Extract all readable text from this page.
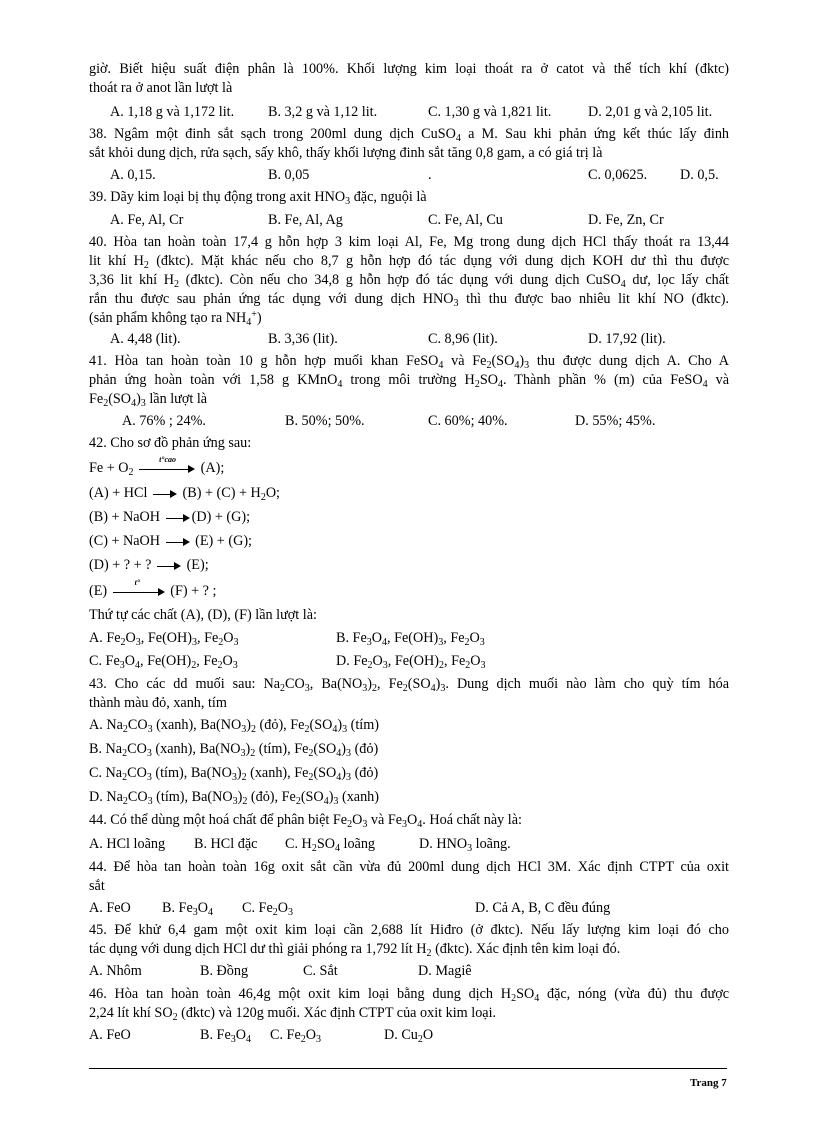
giờ. Biết hiệu suất điện phân là 100%. Khối lượng kim loại thoát ra ở catot và thể tích khí (đktc)
thoát ra ở anot lần lượt là
A. 1,18 g và 1,172 lit. B. 3,2 g và 1,12 lit.	C. 1,30 g và 1,821 lit.	D. 2,01 g và 2,105 lit.
38. Ngâm một đinh sắt sạch trong 200ml dung dịch CuSO$_4$ a M. Sau khi phản ứng kết thúc lấy đinh
sắt khỏi dung dịch, rửa sạch, sấy khô, thấy khối lượng đinh sắt tăng 0,8 gam, a có giá trị là
A. 0,15.	B. 0,05	.	C. 0,0625. D. 0,5.
39. Dãy kim loại bị thụ động trong axit $HNO_3$ đặc, nguội là
A. Fe, Al, Cr	B. Fe, Al, Ag	C. Fe, Al, Cu	D. Fe, Zn, Cr
40. Hòa tan hoàn toàn 17,4 g hỗn hợp 3 kim loại Al, Fe, Mg trong dung dịch HCl thấy thoát ra 13,44
lit khí $H_2$ (đktc). Mặt khác nếu cho 8,7 g hỗn hợp đó tác dụng với dung dịch KOH dư thì thu được
3,36 lit khí $H_2$ (đktc). Còn nếu cho 34,8 g hỗn hợp đó tác dụng với dung dịch CuSO$_4$ dư, lọc lấy chất
rắn thu được sau phản ứng tác dụng với dung dịch $HNO_3$ thì thu được bao nhiêu lit khí NO (đktc).
(sản phẩm không tạo ra $NH_4^+$)
A. 4,48 (lit).	B. 3,36 (lit).	C. 8,96 (lit).	D. 17,92 (lit).
41. Hòa tan hoàn toàn 10 g hỗn hợp muối khan FeSO$_4$ và $Fe_2(SO_4)_3$ thu được dung dịch A. Cho A
phản ứng hoàn toàn với 1,58 g KMnO$_4$ trong môi trường $H_2SO_4$. Thành phần % (m) của FeSO$_4$ và
$Fe_2(SO_4)_3$ lần lượt là
A. 76% ; 24%.	B. 50%; 50%.	C. 60%; 40%.	D. 55%; 45%.
42. Cho sơ đồ phản ứng sau:
$Fe + O_2$
t°cao
(A);
(A) + HCl $(B) + (C) + H_2O$;
(B) + NaOH (D) + (G);
(C) + NaOH (E) + (G);
(D) + ? + ? (E);
(E)
t°
(F) + ? ;
Thứ tự các chất (A), (D), (F) lần lượt là:
A. $Fe_2O_3$, $Fe(OH)_3$, $Fe_2O_3$	B. $Fe_3O_4$, $Fe(OH)_3$, $Fe_2O_3$
C. $Fe_3O_4$, $Fe(OH)_2$, $Fe_2O_3$	D. $Fe_2O_3$, $Fe(OH)_2$, $Fe_2O_3$
43. Cho các dd muối sau: $Na_2CO_3$, $Ba(NO_3)_2$, $Fe_2(SO_4)_3$. Dung dịch muối nào làm cho quỳ tím hóa
thành màu đỏ, xanh, tím
A. $Na_2CO_3$ (xanh), $Ba(NO_3)_2$ (đỏ), $Fe_2(SO_4)_3$ (tím)
B. $Na_2CO_3$ (xanh), $Ba(NO_3)_2$ (tím), $Fe_2(SO_4)_3$ (đỏ)
C. $Na_2CO_3$ (tím), $Ba(NO_3)_2$ (xanh), $Fe_2(SO_4)_3$ (đỏ)
D. $Na_2CO_3$ (tím), $Ba(NO_3)_2$ (đỏ), $Fe_2(SO_4)_3$ (xanh)
44. Có thể dùng một hoá chất để phân biệt $Fe_2O_3$ và $Fe_3O_4$. Hoá chất này là:
A. HCl loãng B. HCl đặc C. $H_2SO_4$ loãng	D. $HNO_3$ loãng.
44. Để hòa tan hoàn toàn 16g oxit sắt cần vừa đủ 200ml dung dịch HCl 3M. Xác định CTPT của oxit
sắt
A. FeO B. $Fe_3O_4$ C. $Fe_2O_3$	D. Cả A, B, C đều đúng
45. Để khử 6,4 gam một oxit kim loại cần 2,688 lít Hiđro (ở đktc). Nếu lấy lượng kim loại đó cho
tác dụng với dung dịch HCl dư thì giải phóng ra 1,792 lít $H_2$ (đktc). Xác định tên kim loại đó.
A. Nhôm	B. Đồng	C. Sắt	D. Magiê
46. Hòa tan hoàn toàn 46,4g một oxit kim loại bằng dung dịch $H_2SO_4$ đặc, nóng (vừa đủ) thu được
2,24 lít khí $SO_2$ (đktc) và 120g muối. Xác định CTPT của oxit kim loại.
A. FeO	B. $Fe_3O_4$ C. $Fe_2O_3$	D. $Cu_2O$
Trang 7
